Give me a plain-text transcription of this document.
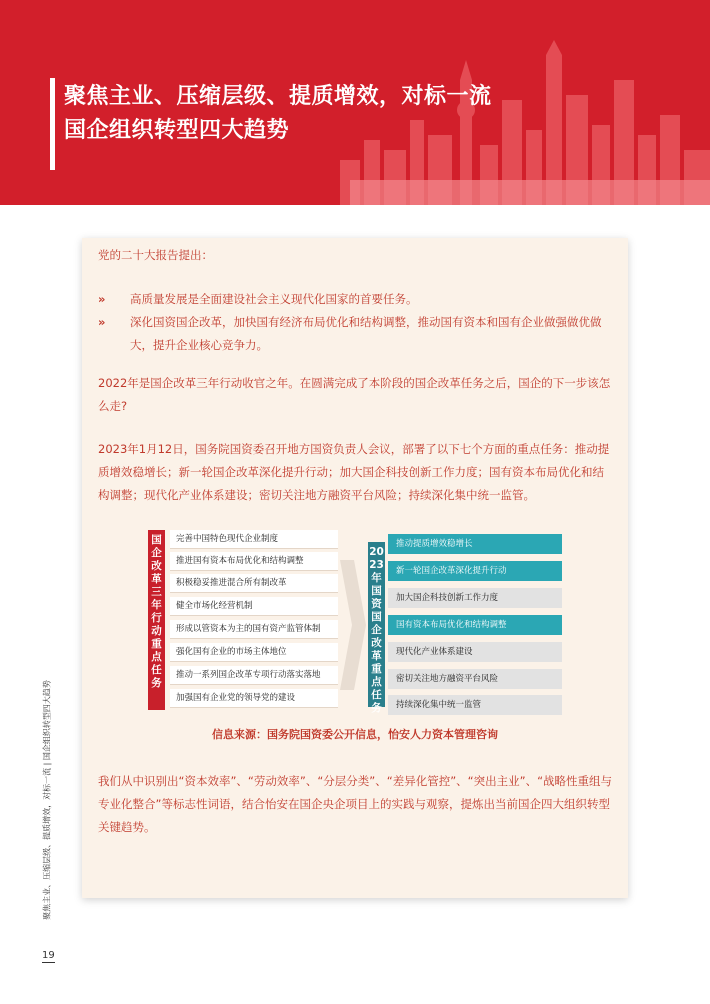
聚焦主业、压缩层级、提质增效，对标一流
国企组织转型四大趋势
聚焦主业、压缩层级、提质增效，对标一流 | 国企组织转型四大趋势
19
党的二十大报告提出：
» 高质量发展是全面建设社会主义现代化国家的首要任务。
» 深化国资国企改革，加快国有经济布局优化和结构调整，推动国有资本和国有企业做强做优做大，提升企业核心竞争力。
2022年是国企改革三年行动收官之年。在圆满完成了本阶段的国企改革任务之后，国企的下一步该怎么走?
2023年1月12日，国务院国资委召开地方国资负责人会议，部署了以下七个方面的重点任务：推动提质增效稳增长；新一轮国企改革深化提升行动；加大国企科技创新工作力度；国有资本布局优化和结构调整；现代化产业体系建设；密切关注地方融资平台风险；持续深化集中统一监管。
国企改革三年行动重点任务
完善中国特色现代企业制度
推进国有资本布局优化和结构调整
积极稳妥推进混合所有制改革
健全市场化经营机制
形成以管资本为主的国有资产监管体制
强化国有企业的市场主体地位
推动一系列国企改革专项行动落实落地
加强国有企业党的领导党的建设
2023年国资国企改革重点任务
推动提质增效稳增长
新一轮国企改革深化提升行动
加大国企科技创新工作力度
国有资本布局优化和结构调整
现代化产业体系建设
密切关注地方融资平台风险
持续深化集中统一监管
信息来源：国务院国资委公开信息，怡安人力资本管理咨询
我们从中识别出“资本效率”、“劳动效率”、“分层分类”、“差异化管控”、“突出主业”、“战略性重组与专业化整合”等标志性词语，结合怡安在国企央企项目上的实践与观察，提炼出当前国企四大组织转型关键趋势。
